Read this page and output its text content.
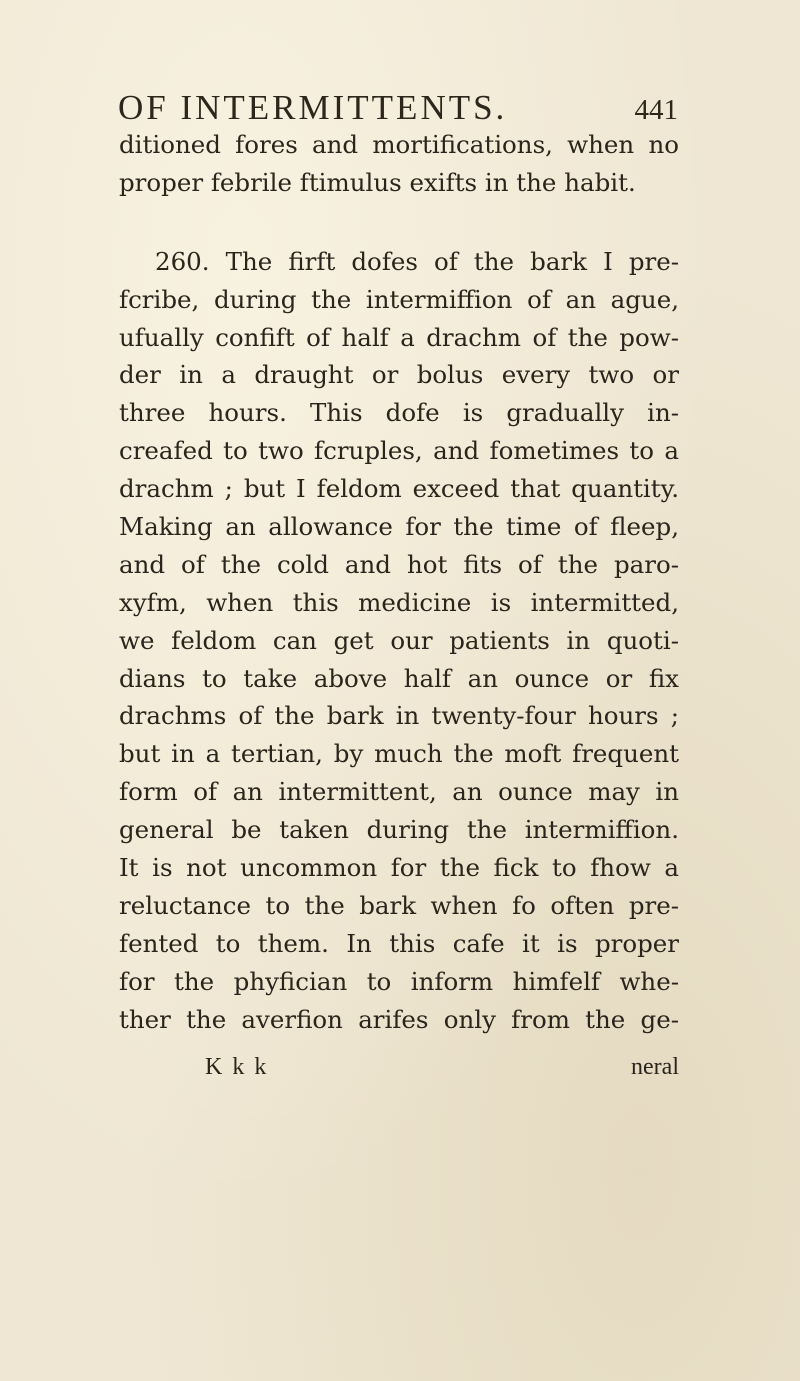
OF INTERMITTENTS.	441
ditioned fores and mortifications, when no
proper febrile ftimulus exifts in the habit.
260. The firft dofes of the bark I pre-
fcribe, during the intermiffion of an ague,
ufually confift of half a drachm of the pow-
der in a draught or bolus every two or
three hours. This dofe is gradually in-
creafed to two fcruples, and fometimes to a
drachm ; but I feldom exceed that quantity.
Making an allowance for the time of fleep,
and of the cold and hot fits of the paro-
xyfm, when this medicine is intermitted,
we feldom can get our patients in quoti-
dians to take above half an ounce or fix
drachms of the bark in twenty-four hours ;
but in a tertian, by much the moft frequent
form of an intermittent, an ounce may in
general be taken during the intermiffion.
It is not uncommon for the fick to fhow a
reluctance to the bark when fo often pre-
fented to them. In this cafe it is proper
for the phyfician to inform himfelf whe-
ther the averfion arifes only from the ge-
K k k	neral
